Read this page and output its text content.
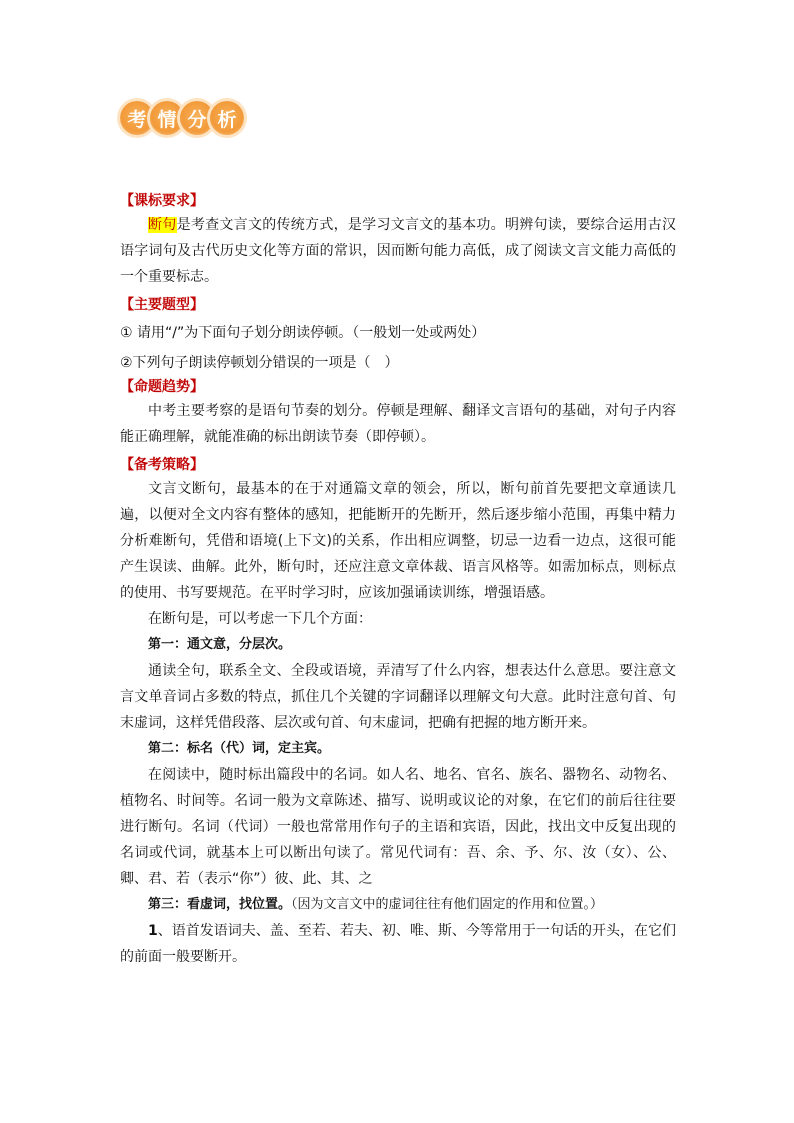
考 情 分 析

【课标要求】

断句是考查文言文的传统方式，是学习文言文的基本功。明辨句读，要综合运用古汉语字词句及古代历史文化等方面的常识，因而断句能力高低，成了阅读文言文能力高低的一个重要标志。

【主要题型】

① 请用“/”为下面句子划分朗读停顿。（一般划一处或两处）

②下列句子朗读停顿划分错误的一项是（　）

【命题趋势】

中考主要考察的是语句节奏的划分。停顿是理解、翻译文言语句的基础，对句子内容能正确理解，就能准确的标出朗读节奏（即停顿）。

【备考策略】

文言文断句，最基本的在于对通篇文章的领会，所以，断句前首先要把文章通读几遍，以便对全文内容有整体的感知，把能断开的先断开，然后逐步缩小范围，再集中精力分析难断句，凭借和语境(上下文)的关系，作出相应调整，切忌一边看一边点，这很可能产生误读、曲解。此外，断句时，还应注意文章体裁、语言风格等。如需加标点，则标点的使用、书写要规范。在平时学习时，应该加强诵读训练，增强语感。

在断句是，可以考虑一下几个方面：

第一：通文意，分层次。

通读全句，联系全文、全段或语境，弄清写了什么内容，想表达什么意思。要注意文言文单音词占多数的特点，抓住几个关键的字词翻译以理解文句大意。此时注意句首、句末虚词，这样凭借段落、层次或句首、句末虚词，把确有把握的地方断开来。

第二：标名（代）词，定主宾。

在阅读中，随时标出篇段中的名词。如人名、地名、官名、族名、器物名、动物名、植物名、时间等。名词一般为文章陈述、描写、说明或议论的对象，在它们的前后往往要进行断句。名词（代词）一般也常常用作句子的主语和宾语，因此，找出文中反复出现的名词或代词，就基本上可以断出句读了。常见代词有：吾、余、予、尔、汝（女）、公、卿、君、若（表示“你”）彼、此、其、之

第三：看虚词，找位置。（因为文言文中的虚词往往有他们固定的作用和位置。）

1、语首发语词夫、盖、至若、若夫、初、唯、斯、今等常用于一句话的开头，在它们的前面一般要断开。
